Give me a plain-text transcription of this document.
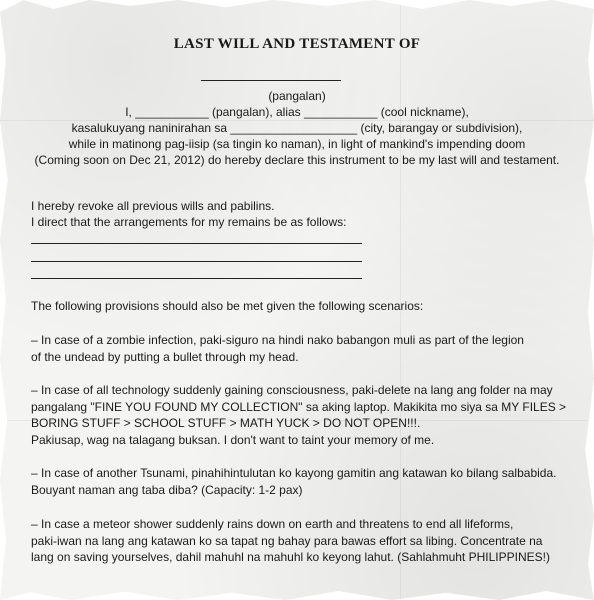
LAST WILL AND TESTAMENT OF
(pangalan)
I, ___________ (pangalan), alias ___________ (cool nickname),
kasalukuyang naninirahan sa ___________________ (city, barangay or subdivision),
while in matinong pag-iisip (sa tingin ko naman), in light of mankind's impending doom
(Coming soon on Dec 21, 2012) do hereby declare this instrument to be my last will and testament.
I hereby revoke all previous wills and pabilins.
I direct that the arrangements for my remains be as follows:
The following provisions should also be met given the following scenarios:
– In case of a zombie infection, paki-siguro na hindi nako babangon muli as part of the legion
of the undead by putting a bullet through my head.
– In case of all technology suddenly gaining consciousness, paki-delete na lang ang folder na may
pangalang "FINE YOU FOUND MY COLLECTION" sa aking laptop. Makikita mo siya sa MY FILES >
BORING STUFF > SCHOOL STUFF > MATH YUCK > DO NOT OPEN!!!.
Pakiusap, wag na talagang buksan. I don't want to taint your memory of me.
– In case of another Tsunami, pinahihintulutan ko kayong gamitin ang katawan ko bilang salbabida.
Bouyant naman ang taba diba? (Capacity: 1-2 pax)
– In case a meteor shower suddenly rains down on earth and threatens to end all lifeforms,
paki-iwan na lang ang katawan ko sa tapat ng bahay para bawas effort sa libing. Concentrate na
lang on saving yourselves, dahil mahuhl na mahuhl ko keyong lahut. (Sahlahmuht PHILIPPINES!)
